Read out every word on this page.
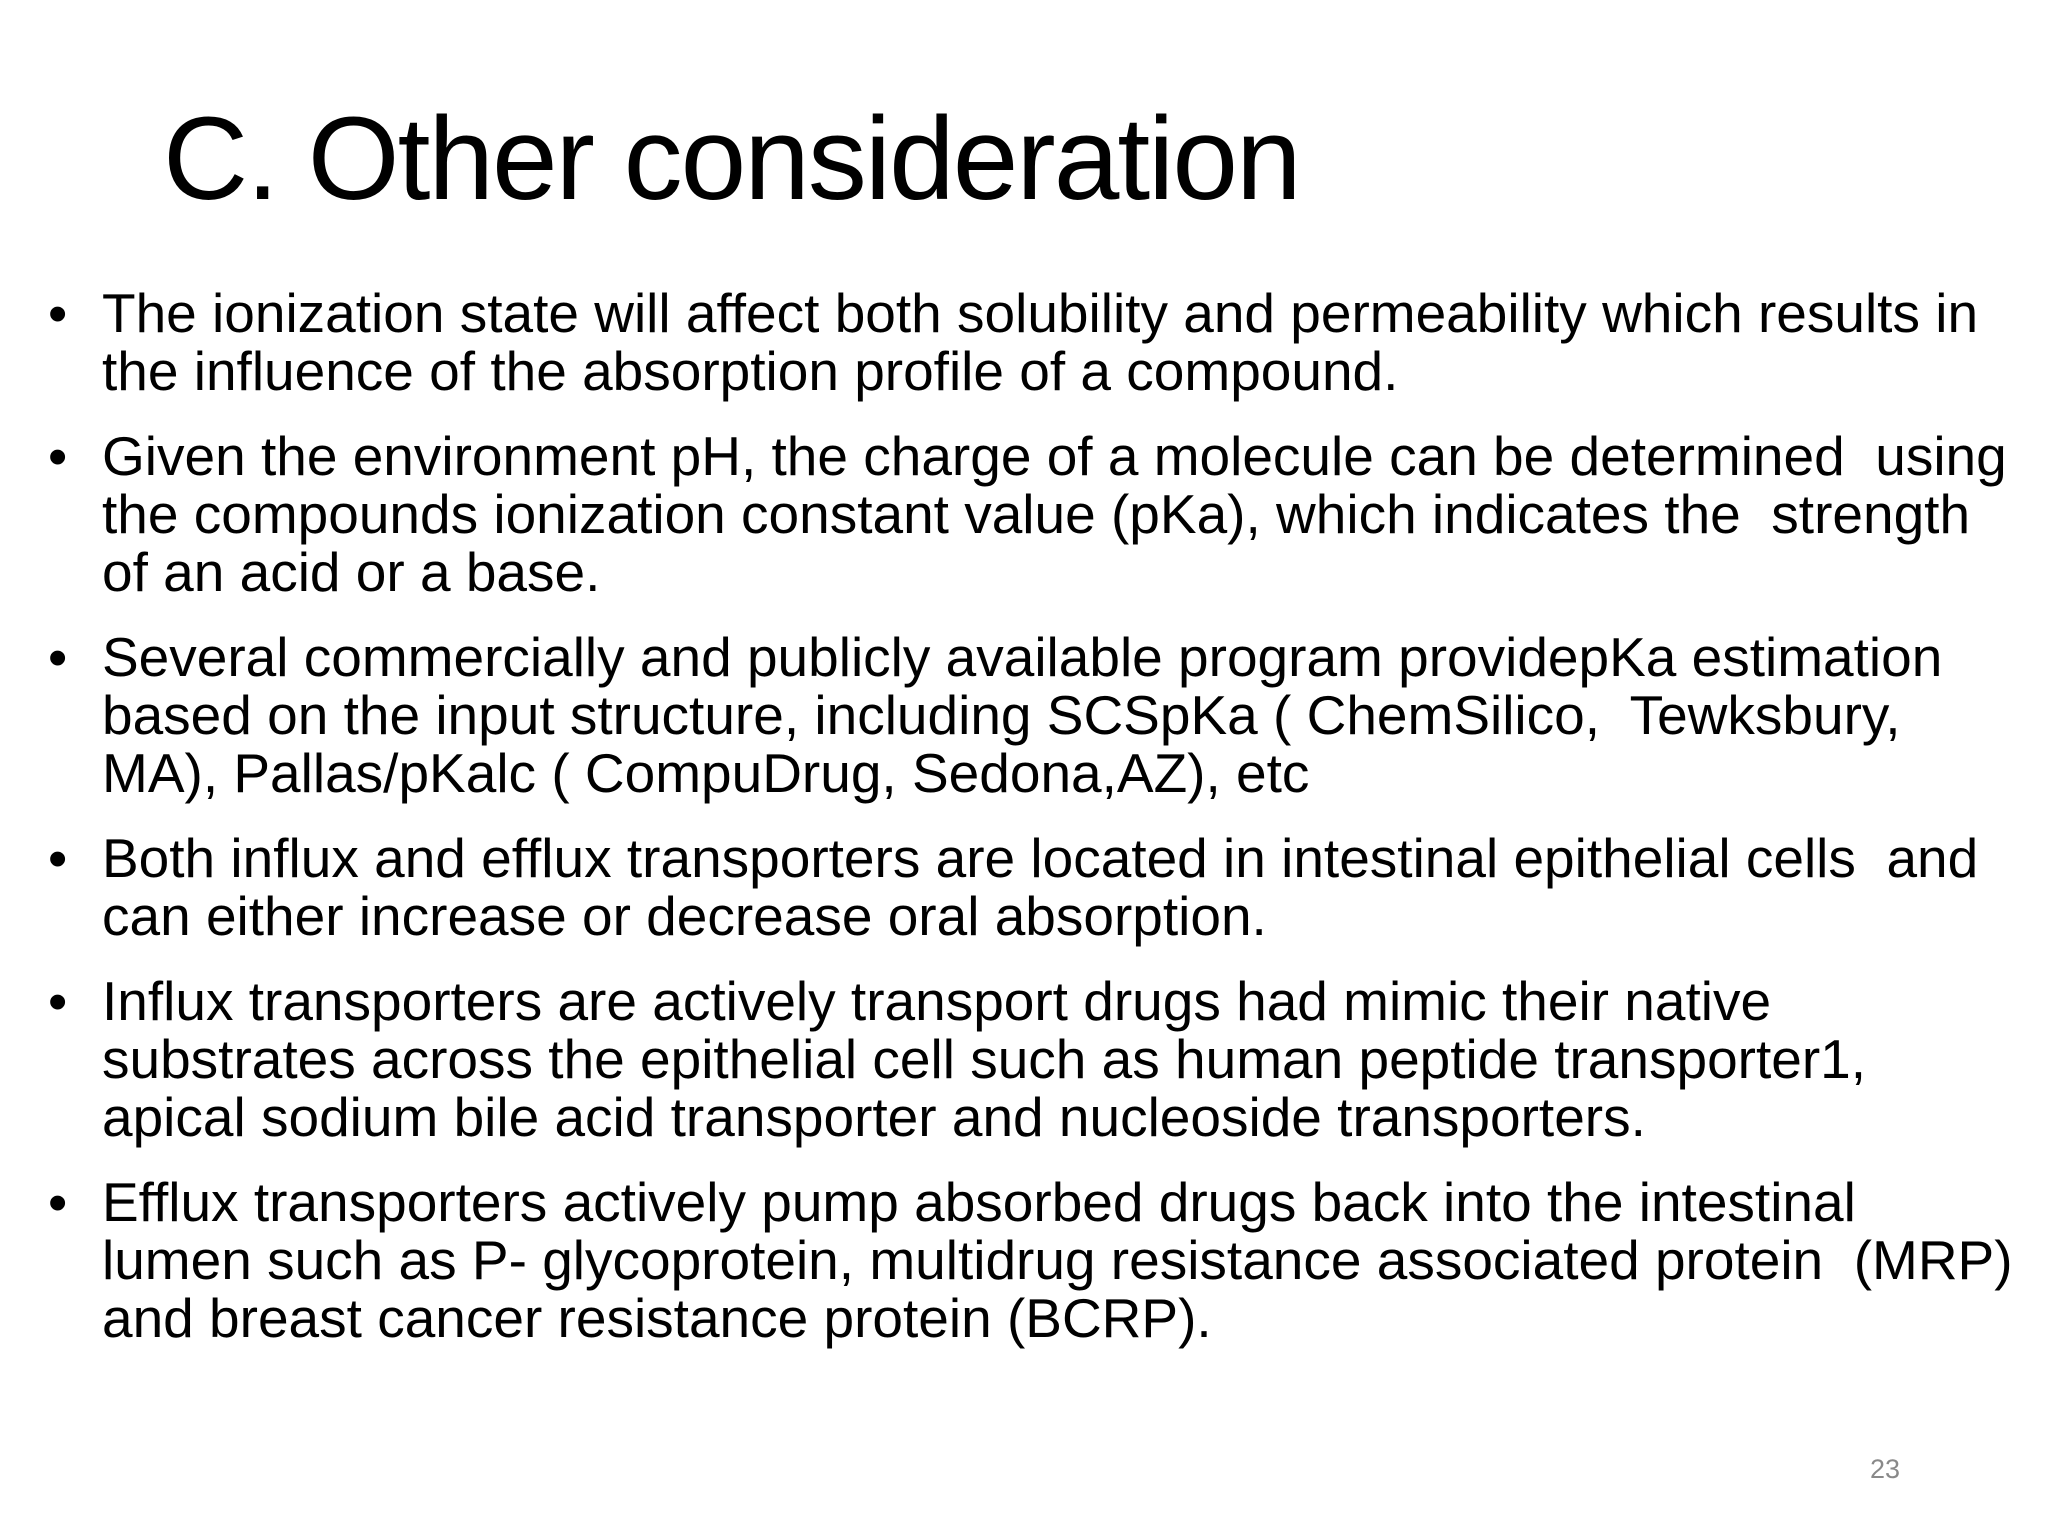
C. Other consideration
• The ionization state will affect both solubility and permeability which results in the influence of the absorption profile of a compound.
• Given the environment pH, the charge of a molecule can be determined  using the compounds ionization constant value (pKa), which indicates the  strength of an acid or a base.
• Several commercially and publicly available program providepKa estimation based on the input structure, including SCSpKa ( ChemSilico,  Tewksbury, MA), Pallas/pKalc ( CompuDrug, Sedona,AZ), etc
• Both influx and efflux transporters are located in intestinal epithelial cells  and can either increase or decrease oral absorption.
• Influx transporters are actively transport drugs had mimic their native substrates across the epithelial cell such as human peptide transporter1,  apical sodium bile acid transporter and nucleoside transporters.
• Efflux transporters actively pump absorbed drugs back into the intestinal  lumen such as P- glycoprotein, multidrug resistance associated protein  (MRP) and breast cancer resistance protein (BCRP).
23
